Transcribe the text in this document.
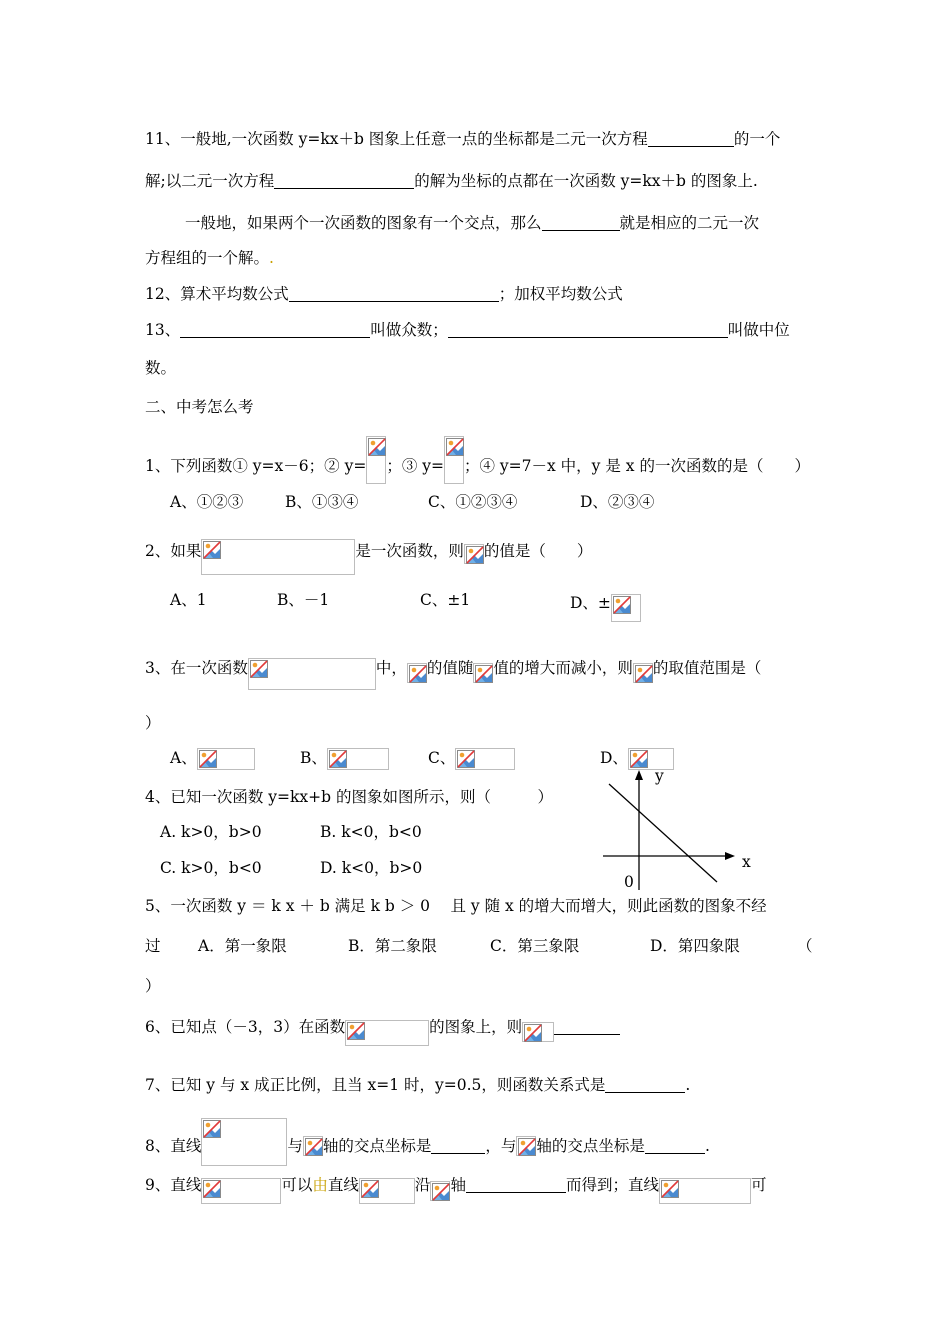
11、一般地,一次函数 y=kx＋b 图象上任意一点的坐标都是二元一次方程	的一个
解;以二元一次方程	的解为坐标的点都在一次函数 y=kx＋b 的图象上.
一般地，如果两个一次函数的图象有一个交点，那么	就是相应的二元一次
方程组的一个解。.
12、算术平均数公式	；加权平均数公式
13、	叫做众数；	叫做中位
数。
二、中考怎么考
1、下列函数① y=x－6；② y= ；③ y= ；④ y=7－x 中，y 是 x 的一次函数的是（　　）
A、①②③	B、①③④	C、①②③④	D、②③④
2、如果	是一次函数，则 的值是（　　）
A、1	B、－1	C、±1	D、±
3、在一次函数	中， 的值随 值的增大而减小，则 的取值范围是（
）
A、	B、	C、	D、
4、已知一次函数 y=kx+b 的图象如图所示，则（　　　）
A. k>0，b>0	B. k<0，b<0
C. k>0，b<0	D. k<0，b>0
y
x
0
5、一次函数 y ＝ k x ＋ b 满足 k b ＞ 0　 且 y 随 x 的增大而增大，则此函数的图象不经
过 A．第一象限	B．第二象限	C．第三象限	D．第四象限	（
）
6、已知点（－3，3）在函数	的图象上，则
7、已知 y 与 x 成正比例，且当 x=1 时，y=0.5，则函数关系式是	.
8、直线	与 轴的交点坐标是	，与 轴的交点坐标是	.
9、直线	可以由直线	沿 轴	而得到；直线	可
